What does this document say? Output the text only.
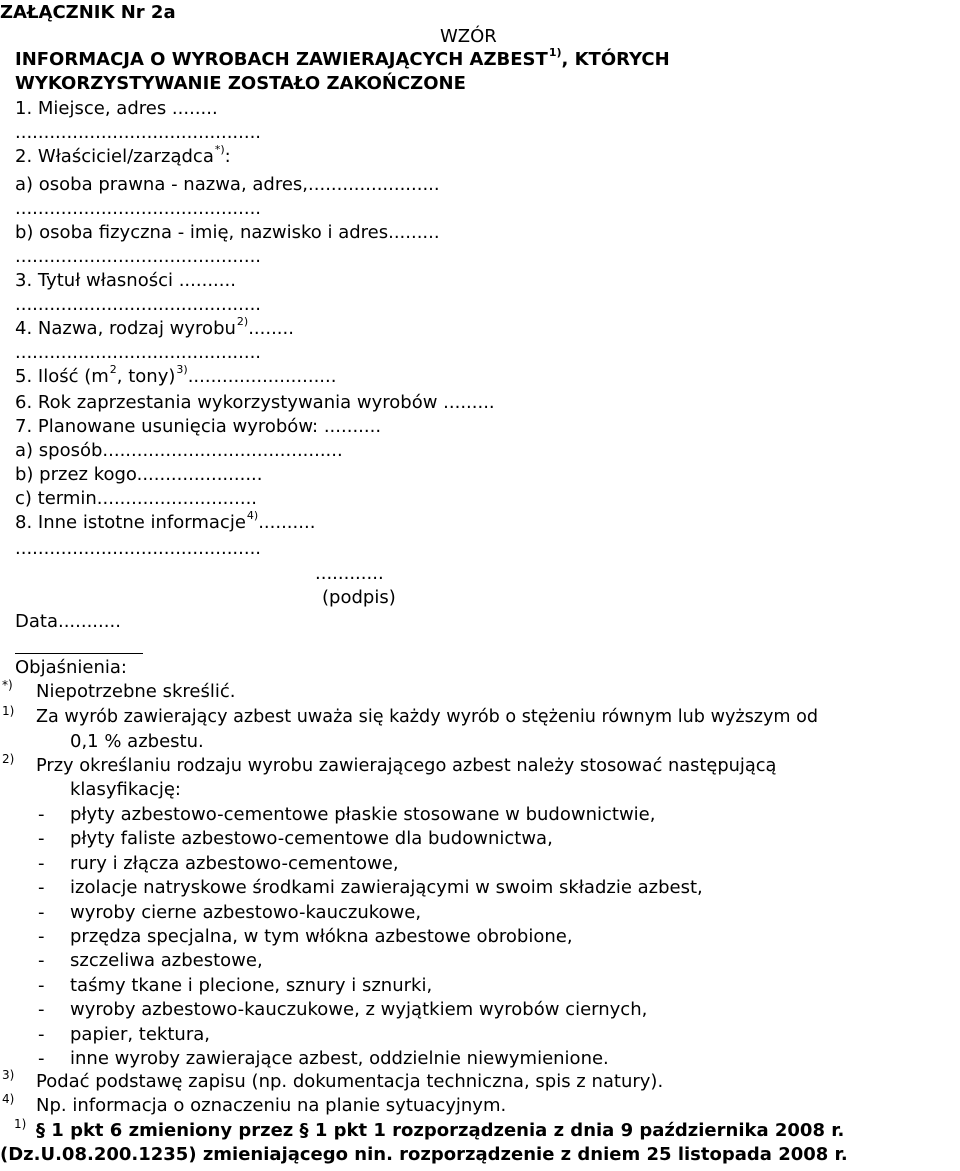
ZAŁĄCZNIK Nr 2a
WZÓR
INFORMACJA O WYROBACH ZAWIERAJĄCYCH AZBEST$^{1)}$, KTÓRYCH
WYKORZYSTYWANIE ZOSTAŁO ZAKOŃCZONE
1. Miejsce, adres ........
...........................................
2. Właściciel/zarządca*):
a) osoba prawna - nazwa, adres,.......................
...........................................
b) osoba fizyczna - imię, nazwisko i adres.........
...........................................
3. Tytuł własności ..........
...........................................
4. Nazwa, rodzaj wyrobu$^{2)}$........
...........................................
5. Ilość ($m^2$, tony)$^{3)}$..........................
6. Rok zaprzestania wykorzystywania wyrobów .........
7. Planowane usunięcia wyrobów: ..........
a) sposób..........................................
b) przez kogo......................
c) termin............................
8. Inne istotne informacje$^{4)}$..........
...........................................
............
(podpis)
Data...........
Objaśnienia:
*) Niepotrzebne skreślić.
1) Za wyrób zawierający azbest uważa się każdy wyrób o stężeniu równym lub wyższym od
0,1 % azbestu.
2) Przy określaniu rodzaju wyrobu zawierającego azbest należy stosować następującą
klasyfikację:
- płyty azbestowo-cementowe płaskie stosowane w budownictwie,
- płyty faliste azbestowo-cementowe dla budownictwa,
- rury i złącza azbestowo-cementowe,
- izolacje natryskowe środkami zawierającymi w swoim składzie azbest,
- wyroby cierne azbestowo-kauczukowe,
- przędza specjalna, w tym włókna azbestowe obrobione,
- szczeliwa azbestowe,
- taśmy tkane i plecione, sznury i sznurki,
- wyroby azbestowo-kauczukowe, z wyjątkiem wyrobów ciernych,
- papier, tektura,
- inne wyroby zawierające azbest, oddzielnie niewymienione.
3) Podać podstawę zapisu (np. dokumentacja techniczna, spis z natury).
4) Np. informacja o oznaczeniu na planie sytuacyjnym.
1) § 1 pkt 6 zmieniony przez § 1 pkt 1 rozporządzenia z dnia 9 października 2008 r.
(Dz.U.08.200.1235) zmieniającego nin. rozporządzenie z dniem 25 listopada 2008 r.
